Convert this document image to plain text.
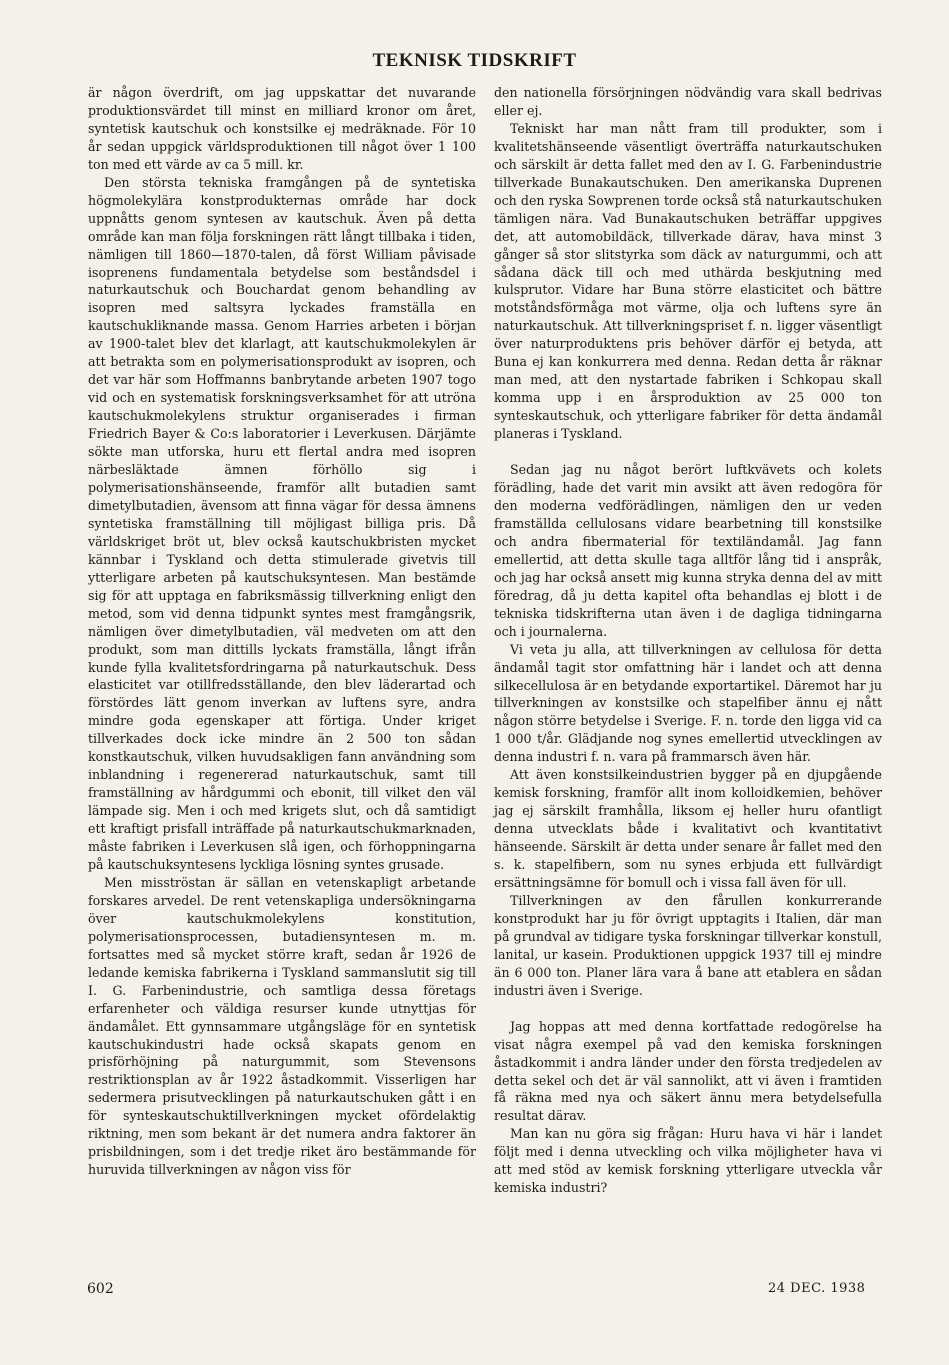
TEKNISK TIDSKRIFT

är någon överdrift, om jag uppskattar det nuvarande produktionsvärdet till minst en milliard kronor om året, syntetisk kautschuk och konstsilke ej medräknade. För 10 år sedan uppgick världsproduktionen till något över 1 100 ton med ett värde av ca 5 mill. kr.

Den största tekniska framgången på de syntetiska högmolekylära konstprodukternas område har dock uppnåtts genom syntesen av kautschuk. Även på detta område kan man följa forskningen rätt långt tillbaka i tiden, nämligen till 1860—1870-talen, då först William påvisade isoprenens fundamentala betydelse som beståndsdel i naturkautschuk och Bouchardat genom behandling av isopren med saltsyra lyckades framställa en kautschukliknande massa. Genom Harries arbeten i början av 1900-talet blev det klarlagt, att kautschukmolekylen är att betrakta som en polymerisationsprodukt av isopren, och det var här som Hoffmanns banbrytande arbeten 1907 togo vid och en systematisk forskningsverksamhet för att utröna kautschukmolekylens struktur organiserades i firman Friedrich Bayer & Co:s laboratorier i Leverkusen. Därjämte sökte man utforska, huru ett flertal andra med isopren närbesläktade ämnen förhöllo sig i polymerisationshänseende, framför allt butadien samt dimetylbutadien, ävensom att finna vägar för dessa ämnens syntetiska framställning till möjligast billiga pris. Då världskriget bröt ut, blev också kautschukbristen mycket kännbar i Tyskland och detta stimulerade givetvis till ytterligare arbeten på kautschuksyntesen. Man bestämde sig för att upptaga en fabriksmässig tillverkning enligt den metod, som vid denna tidpunkt syntes mest framgångsrik, nämligen över dimetylbutadien, väl medveten om att den produkt, som man dittills lyckats framställa, långt ifrån kunde fylla kvalitetsfordringarna på naturkautschuk. Dess elasticitet var otillfredsställande, den blev läderartad och förstördes lätt genom inverkan av luftens syre, andra mindre goda egenskaper att förtiga. Under kriget tillverkades dock icke mindre än 2 500 ton sådan konstkautschuk, vilken huvudsakligen fann användning som inblandning i regenererad naturkautschuk, samt till framställning av hårdgummi och ebonit, till vilket den väl lämpade sig. Men i och med krigets slut, och då samtidigt ett kraftigt prisfall inträffade på naturkautschukmarknaden, måste fabriken i Leverkusen slå igen, och förhoppningarna på kautschuksyntesens lyckliga lösning syntes grusade.

Men misströstan är sällan en vetenskapligt arbetande forskares arvedel. De rent vetenskapliga undersökningarna över kautschukmolekylens konstitution, polymerisationsprocessen, butadiensyntesen m. m. fortsattes med så mycket större kraft, sedan år 1926 de ledande kemiska fabrikerna i Tyskland sammanslutit sig till I. G. Farbenindustrie, och samtliga dessa företags erfarenheter och väldiga resurser kunde utnyttjas för ändamålet. Ett gynnsammare utgångsläge för en syntetisk kautschukindustri hade också skapats genom en prisförhöjning på naturgummit, som Stevensons restriktionsplan av år 1922 åstadkommit. Visserligen har sedermera prisutvecklingen på naturkautschuken gått i en för synteskautschuktillverkningen mycket ofördelaktig riktning, men som bekant är det numera andra faktorer än prisbildningen, som i det tredje riket äro bestämmande för huruvida tillverkningen av någon viss för

den nationella försörjningen nödvändig vara skall bedrivas eller ej.

Tekniskt har man nått fram till produkter, som i kvalitetshänseende väsentligt överträffa naturkautschuken och särskilt är detta fallet med den av I. G. Farbenindustrie tillverkade Bunakautschuken. Den amerikanska Duprenen och den ryska Sowprenen torde också stå naturkautschuken tämligen nära. Vad Bunakautschuken beträffar uppgives det, att automobildäck, tillverkade därav, hava minst 3 gånger så stor slitstyrka som däck av naturgummi, och att sådana däck till och med uthärda beskjutning med kulsprutor. Vidare har Buna större elasticitet och bättre motståndsförmåga mot värme, olja och luftens syre än naturkautschuk. Att tillverkningspriset f. n. ligger väsentligt över naturproduktens pris behöver därför ej betyda, att Buna ej kan konkurrera med denna. Redan detta år räknar man med, att den nystartade fabriken i Schkopau skall komma upp i en årsproduktion av 25 000 ton synteskautschuk, och ytterligare fabriker för detta ändamål planeras i Tyskland.

Sedan jag nu något berört luftkvävets och kolets förädling, hade det varit min avsikt att även redogöra för den moderna vedförädlingen, nämligen den ur veden framställda cellulosans vidare bearbetning till konstsilke och andra fibermaterial för textiländamål. Jag fann emellertid, att detta skulle taga alltför lång tid i anspråk, och jag har också ansett mig kunna stryka denna del av mitt föredrag, då ju detta kapitel ofta behandlas ej blott i de tekniska tidskrifterna utan även i de dagliga tidningarna och i journalerna.

Vi veta ju alla, att tillverkningen av cellulosa för detta ändamål tagit stor omfattning här i landet och att denna silkecellulosa är en betydande exportartikel. Däremot har ju tillverkningen av konstsilke och stapelfiber ännu ej nått någon större betydelse i Sverige. F. n. torde den ligga vid ca 1 000 t/år. Glädjande nog synes emellertid utvecklingen av denna industri f. n. vara på frammarsch även här.

Att även konstsilkeindustrien bygger på en djupgående kemisk forskning, framför allt inom kolloidkemien, behöver jag ej särskilt framhålla, liksom ej heller huru ofantligt denna utvecklats både i kvalitativt och kvantitativt hänseende. Särskilt är detta under senare år fallet med den s. k. stapelfibern, som nu synes erbjuda ett fullvärdigt ersättningsämne för bomull och i vissa fall även för ull.

Tillverkningen av den fårullen konkurrerande konstprodukt har ju för övrigt upptagits i Italien, där man på grundval av tidigare tyska forskningar tillverkar konstull, lanital, ur kasein. Produktionen uppgick 1937 till ej mindre än 6 000 ton. Planer lära vara å bane att etablera en sådan industri även i Sverige.

Jag hoppas att med denna kortfattade redogörelse ha visat några exempel på vad den kemiska forskningen åstadkommit i andra länder under den första tredjedelen av detta sekel och det är väl sannolikt, att vi även i framtiden få räkna med nya och säkert ännu mera betydelsefulla resultat därav.

Man kan nu göra sig frågan: Huru hava vi här i landet följt med i denna utveckling och vilka möjligheter hava vi att med stöd av kemisk forskning ytterligare utveckla vår kemiska industri?

602	24 DEC. 1938
